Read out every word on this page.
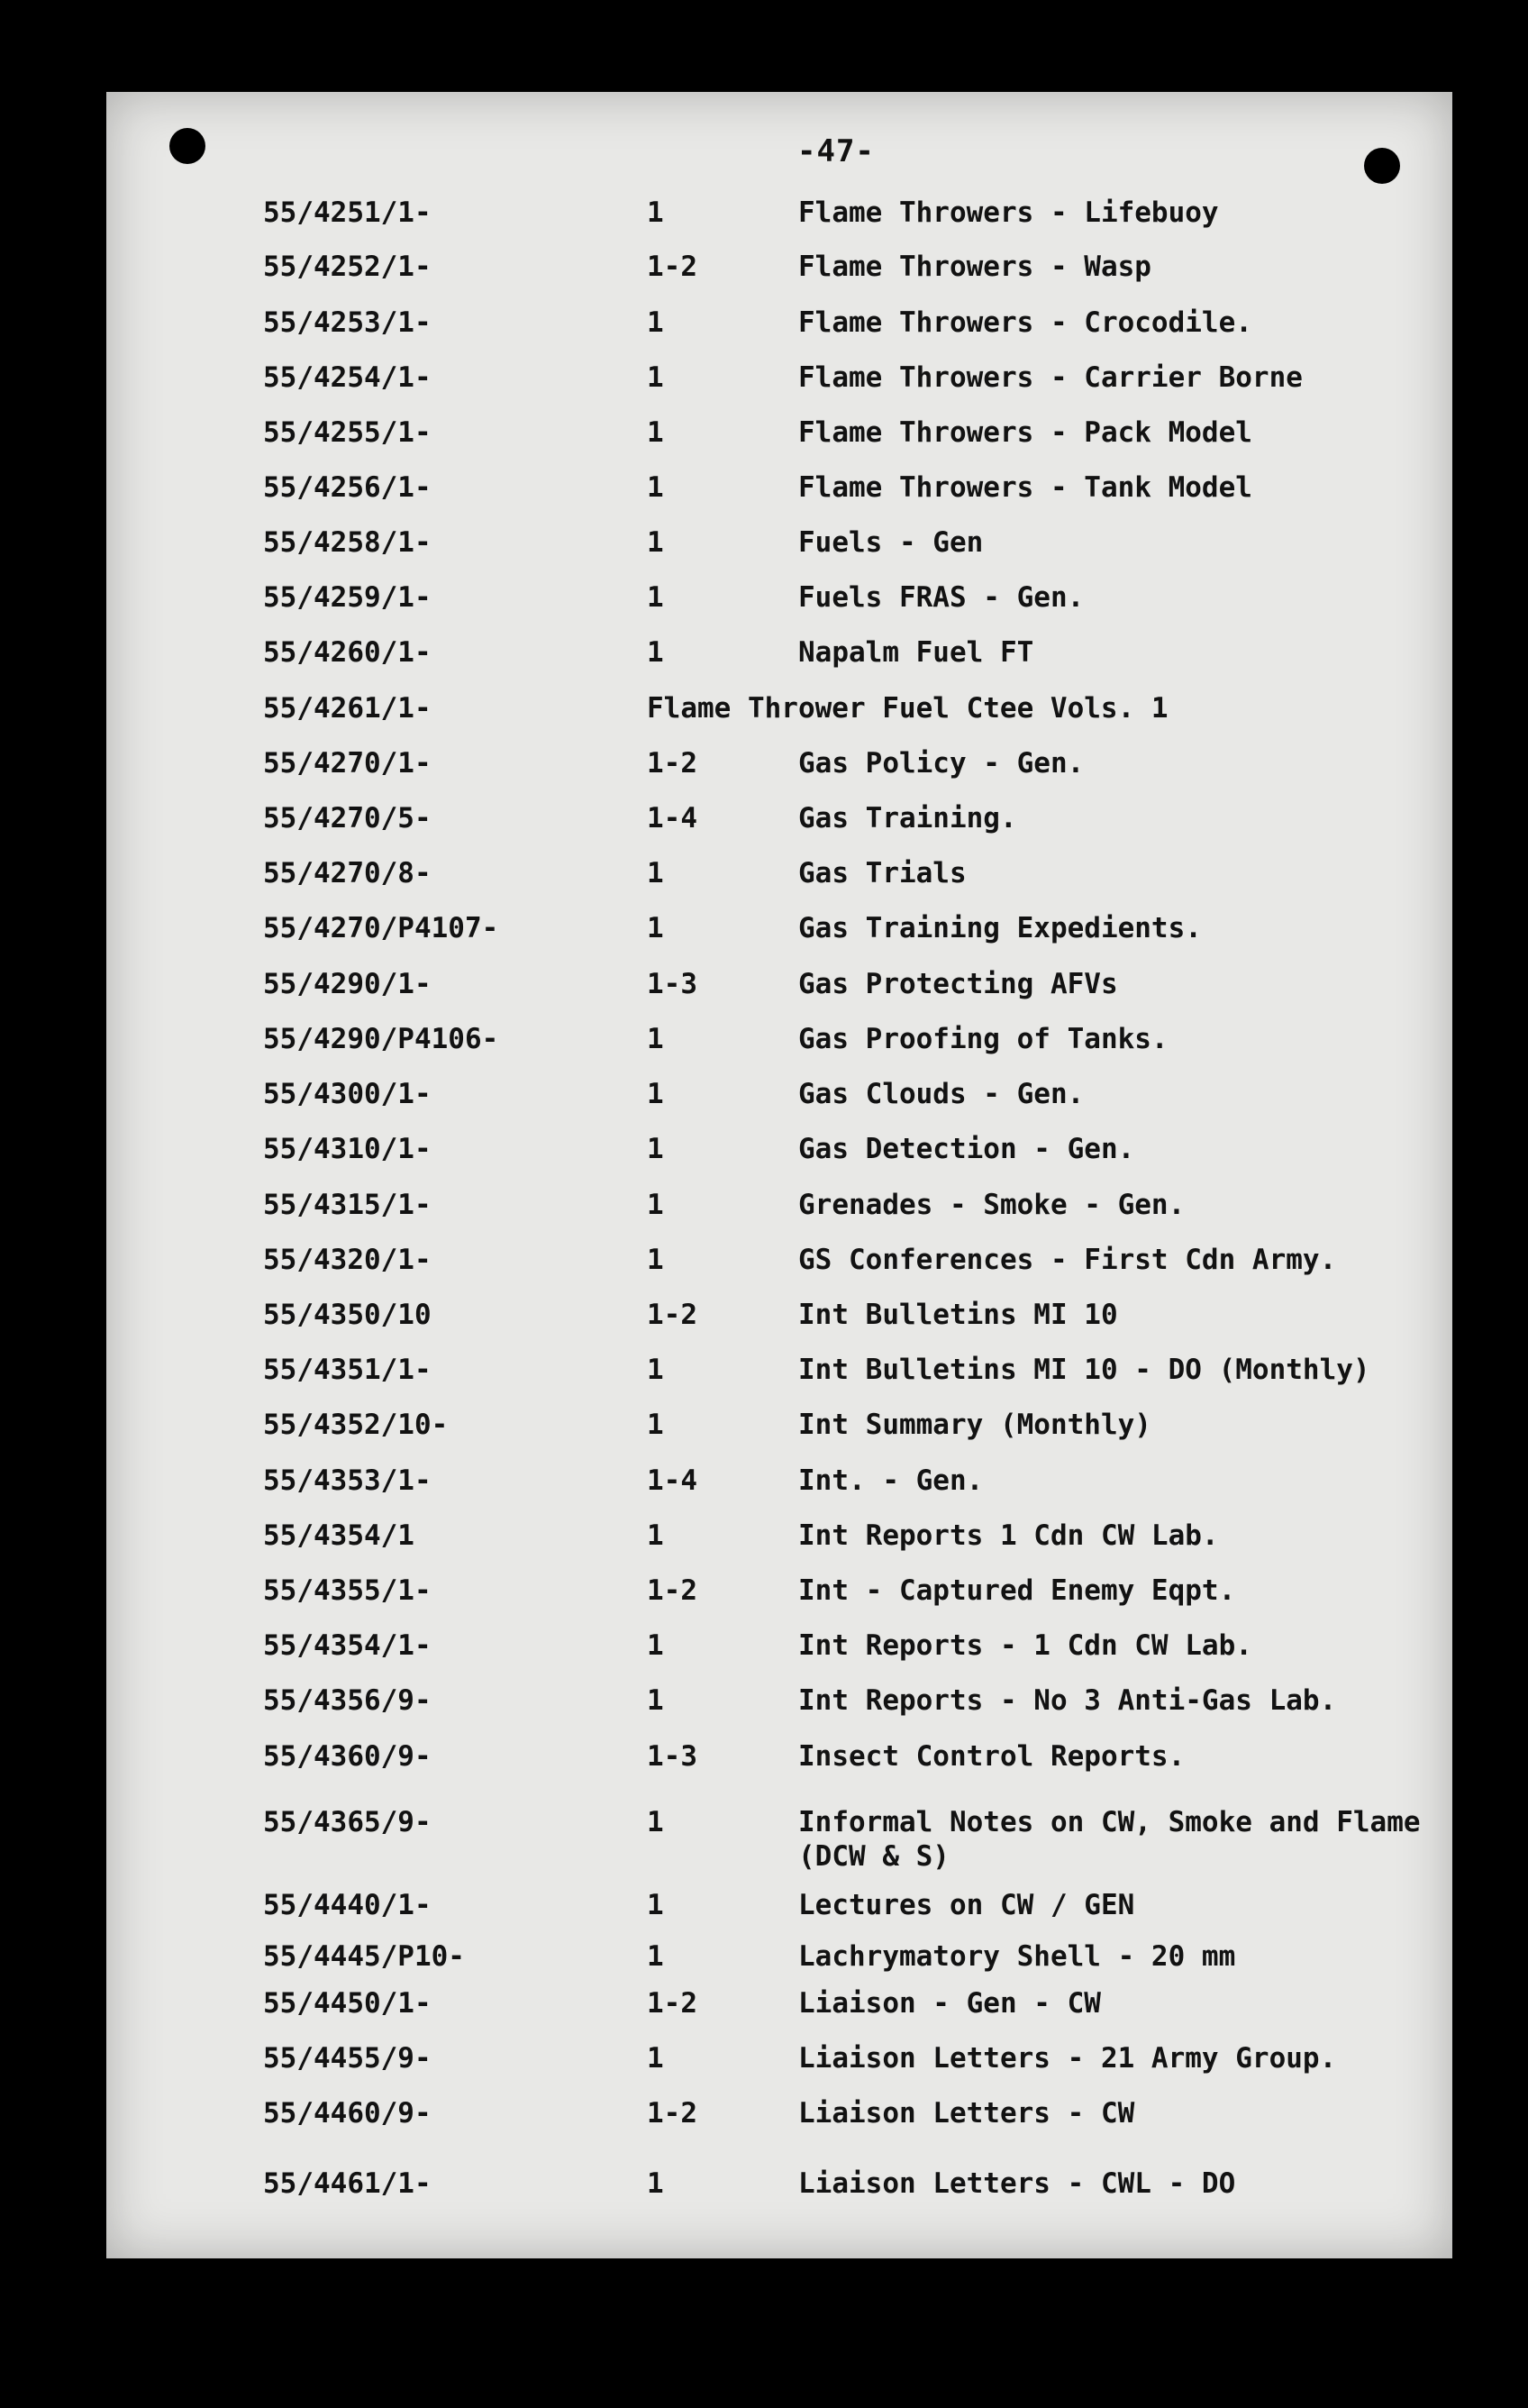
-47-
55/4251/1-	1	Flame Throwers - Lifebuoy
55/4252/1-	1-2	Flame Throwers - Wasp
55/4253/1-	1	Flame Throwers - Crocodile.
55/4254/1-	1	Flame Throwers - Carrier Borne
55/4255/1-	1	Flame Throwers - Pack Model
55/4256/1-	1	Flame Throwers - Tank Model
55/4258/1-	1	Fuels - Gen
55/4259/1-	1	Fuels FRAS - Gen.
55/4260/1-	1	Napalm Fuel FT
55/4261/1-	Flame Thrower Fuel Ctee Vols. 1
55/4270/1-	1-2	Gas Policy - Gen.
55/4270/5-	1-4	Gas Training.
55/4270/8-	1	Gas Trials
55/4270/P4107-	1	Gas Training Expedients.
55/4290/1-	1-3	Gas Protecting AFVs
55/4290/P4106-	1	Gas Proofing of Tanks.
55/4300/1-	1	Gas Clouds - Gen.
55/4310/1-	1	Gas Detection - Gen.
55/4315/1-	1	Grenades - Smoke - Gen.
55/4320/1-	1	GS Conferences - First Cdn Army.
55/4350/10	1-2	Int Bulletins MI 10
55/4351/1-	1	Int Bulletins MI 10 - DO (Monthly)
55/4352/10-	1	Int Summary (Monthly)
55/4353/1-	1-4	Int. - Gen.
55/4354/1	1	Int Reports 1 Cdn CW Lab.
55/4355/1-	1-2	Int - Captured Enemy Eqpt.
55/4354/1-	1	Int Reports - 1 Cdn CW Lab.
55/4356/9-	1	Int Reports - No 3 Anti-Gas Lab.
55/4360/9-	1-3	Insect Control Reports.
55/4365/9-	1	Informal Notes on CW, Smoke and Flame
(DCW & S)
55/4440/1-	1	Lectures on CW / GEN
55/4445/P10-	1	Lachrymatory Shell - 20 mm
55/4450/1-	1-2	Liaison - Gen - CW
55/4455/9-	1	Liaison Letters - 21 Army Group.
55/4460/9-	1-2	Liaison Letters - CW
55/4461/1-	1	Liaison Letters - CWL - DO
